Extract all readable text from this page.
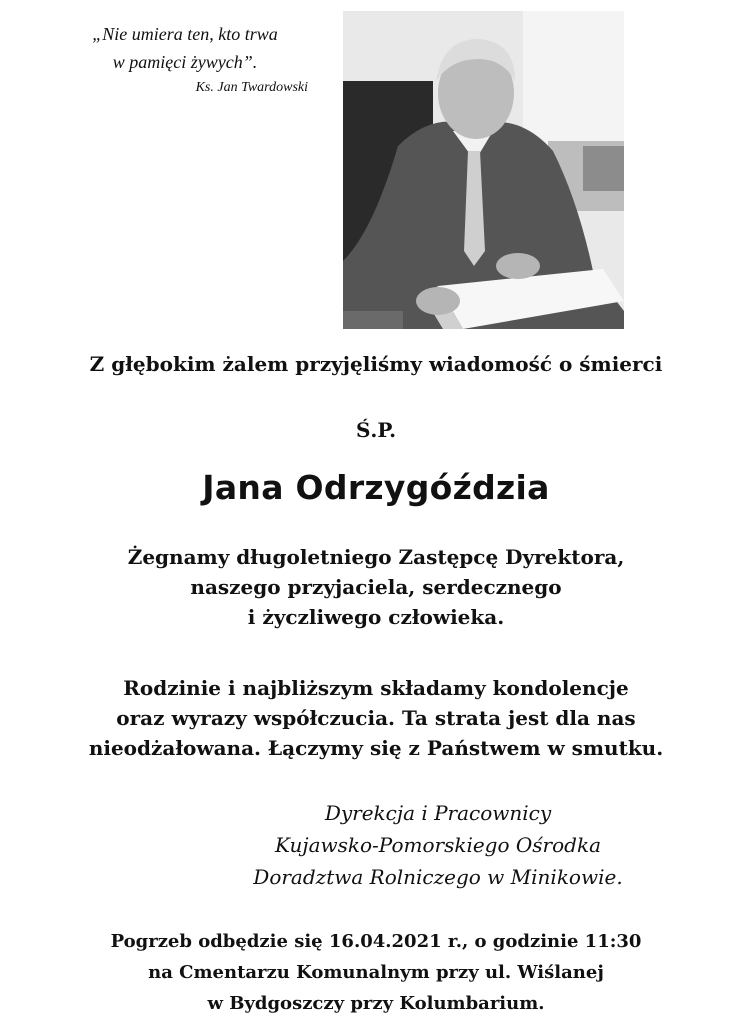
„Nie umiera ten, kto trwa
w pamięci żywych”.
Ks. Jan Twardowski
Z głębokim żalem przyjęliśmy wiadomość o śmierci
Ś.P.
Jana Odrzygóździa
Żegnamy długoletniego Zastępcę Dyrektora,
naszego przyjaciela, serdecznego
i życzliwego człowieka.
Rodzinie i najbliższym składamy kondolencje
oraz wyrazy współczucia. Ta strata jest dla nas
nieodżałowana. Łączymy się z Państwem w smutku.
Dyrekcja i Pracownicy
Kujawsko-Pomorskiego Ośrodka
Doradztwa Rolniczego w Minikowie.
Pogrzeb odbędzie się 16.04.2021 r., o godzinie 11:30
na Cmentarzu Komunalnym przy ul. Wiślanej
w Bydgoszczy przy Kolumbarium.
